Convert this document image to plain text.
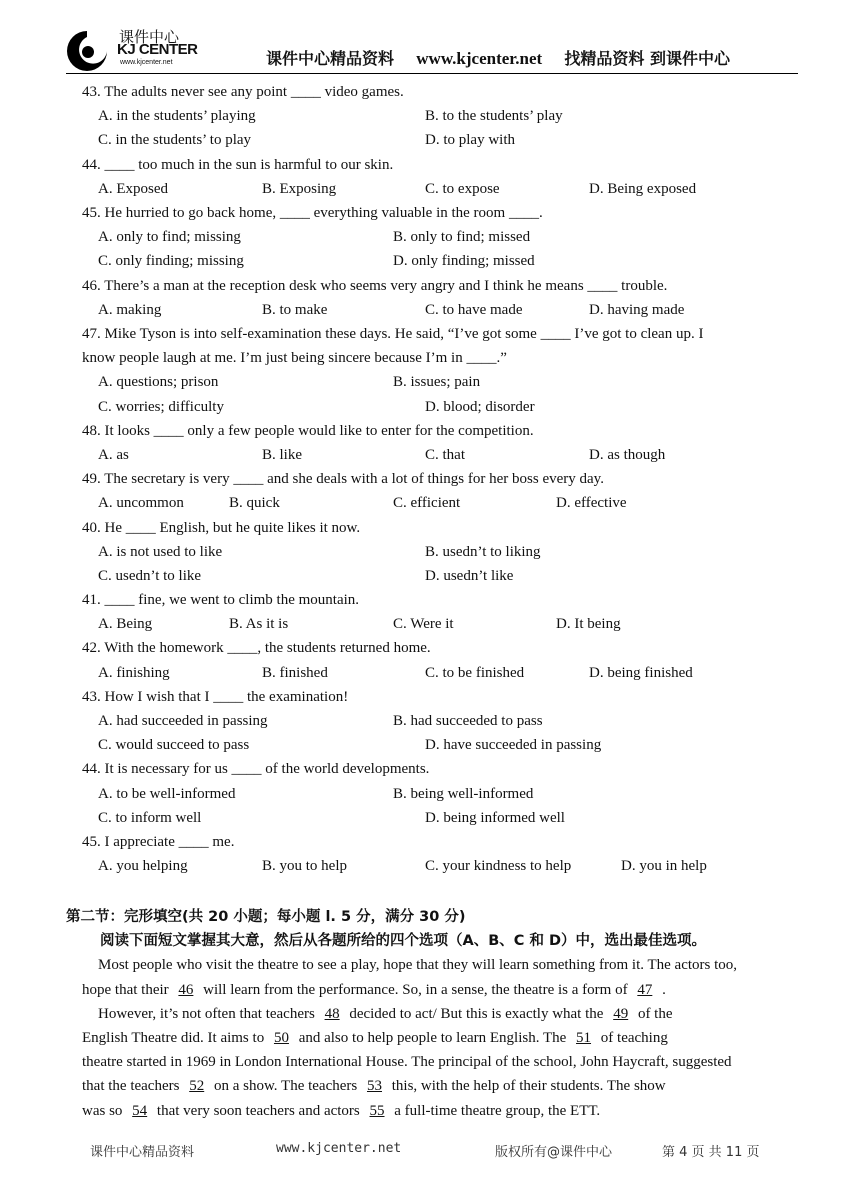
课件中心
KJ CENTER
www.kjcenter.net	课件中心精品资料 www.kjcenter.net 找精品资料 到课件中心
43. The adults never see any point ____ video games.
A. in the students’ playing	B. to the students’ play
C. in the students’ to play	D. to play with
44. ____ too much in the sun is harmful to our skin.
A. Exposed	B. Exposing	C. to expose	D. Being exposed
45. He hurried to go back home, ____ everything valuable in the room ____.
A. only to find; missing	B. only to find; missed
C. only finding; missing	D. only finding; missed
46. There’s a man at the reception desk who seems very angry and I think he means ____ trouble.
A. making	B. to make	C. to have made	D. having made
47. Mike Tyson is into self-examination these days. He said, “I’ve got some ____ I’ve got to clean up. I
know people laugh at me. I’m just being sincere because I’m in ____.”
A. questions; prison	B. issues; pain
C. worries; difficulty	D. blood; disorder
48. It looks ____ only a few people would like to enter for the competition.
A. as	B. like	C. that	D. as though
49. The secretary is very ____ and she deals with a lot of things for her boss every day.
A. uncommon	B. quick	C. efficient	D. effective
40. He ____ English, but he quite likes it now.
A. is not used to like	B. usedn’t to liking
C. usedn’t to like	D. usedn’t like
41. ____ fine, we went to climb the mountain.
A. Being	B. As it is	C. Were it	D. It being
42. With the homework ____, the students returned home.
A. finishing	B. finished	C. to be finished	D. being finished
43. How I wish that I ____ the examination!
A. had succeeded in passing	B. had succeeded to pass
C. would succeed to pass	D. have succeeded in passing
44. It is necessary for us ____ of the world developments.
A. to be well-informed	B. being well-informed
C. to inform well	D. being informed well
45. I appreciate ____ me.
A. you helping	B. you to help	C. your kindness to help	D. you in help
第二节：完形填空(共 20 小题；每小题 l. 5 分，满分 30 分)
阅读下面短文掌握其大意，然后从各题所给的四个选项（A、B、C 和 D）中，选出最佳选项。
Most people who visit the theatre to see a play, hope that they will learn something from it. The actors too,
hope that their 46 will learn from the performance. So, in a sense, the theatre is a form of 47 .
However, it’s not often that teachers 48 decided to act/ But this is exactly what the 49 of the
English Theatre did. It aims to 50 and also to help people to learn English. The 51 of teaching
theatre started in 1969 in London International House. The principal of the school, John Haycraft, suggested
that the teachers 52 on a show. The teachers 53 this, with the help of their students. The show
was so 54 that very soon teachers and actors 55 a full-time theatre group, the ETT.
课件中心精品资料	www.kjcenter.net	版权所有@课件中心	第 4 页 共 11 页
